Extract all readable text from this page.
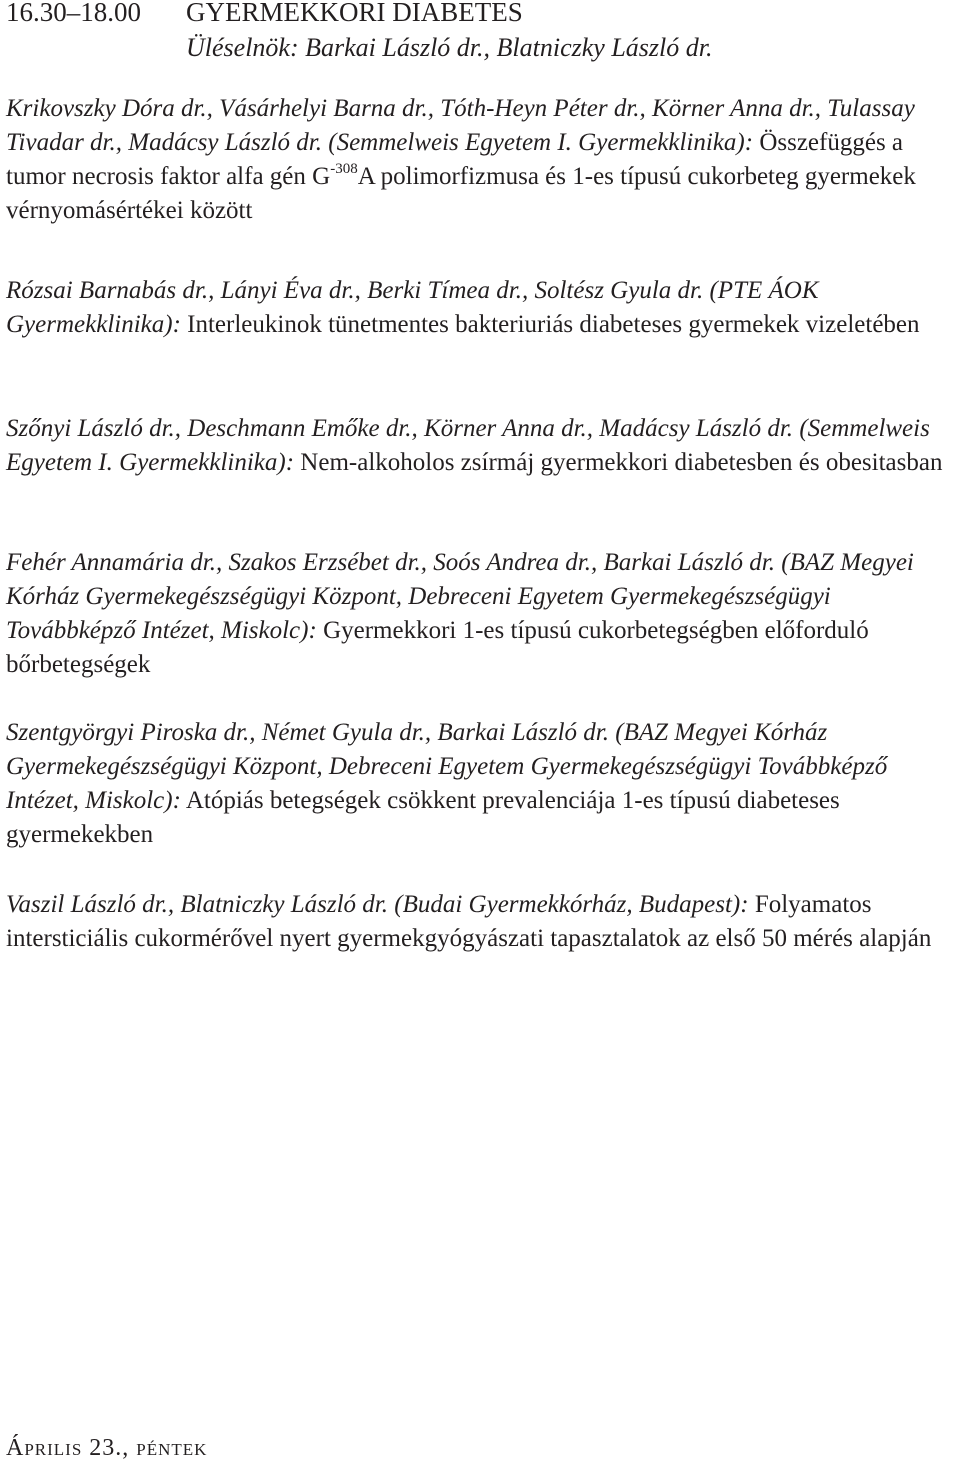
16.30–18.00 GYERMEKKORI DIABETES
Üléselnök: Barkai László dr., Blatniczky László dr.
Krikovszky Dóra dr., Vásárhelyi Barna dr., Tóth-Heyn Péter dr., Körner Anna dr., Tulassay Tivadar dr., Madácsy László dr. (Semmelweis Egyetem I. Gyermekklinika): Összefüggés a tumor necrosis faktor alfa gén $G^{-308}A$ polimorfizmusa és 1-es típusú cukorbeteg gyermekek vérnyomásértékei között
Rózsai Barnabás dr., Lányi Éva dr., Berki Tímea dr., Soltész Gyula dr. (PTE ÁOK Gyermekklinika): Interleukinok tünetmentes bakteriuriás diabeteses gyermekek vizeletében
Szőnyi László dr., Deschmann Emőke dr., Körner Anna dr., Madácsy László dr. (Semmelweis Egyetem I. Gyermekklinika): Nem-alkoholos zsírmáj gyermekkori diabetesben és obesitasban
Fehér Annamária dr., Szakos Erzsébet dr., Soós Andrea dr., Barkai László dr. (BAZ Megyei Kórház Gyermekegészségügyi Központ, Debreceni Egyetem Gyermekegészségügyi Továbbképző Intézet, Miskolc): Gyermekkori 1-es típusú cukorbetegségben előforduló bőrbetegségek
Szentgyörgyi Piroska dr., Német Gyula dr., Barkai László dr. (BAZ Megyei Kórház Gyermekegészségügyi Központ, Debreceni Egyetem Gyermekegészségügyi Továbbképző Intézet, Miskolc): Atópiás betegségek csökkent prevalenciája 1-es típusú diabeteses gyermekekben
Vaszil László dr., Blatniczky László dr. (Budai Gyermekkórház, Budapest): Folyamatos intersticiális cukormérővel nyert gyermekgyógyászati tapasztalatok az első 50 mérés alapján
Április 23., péntek
